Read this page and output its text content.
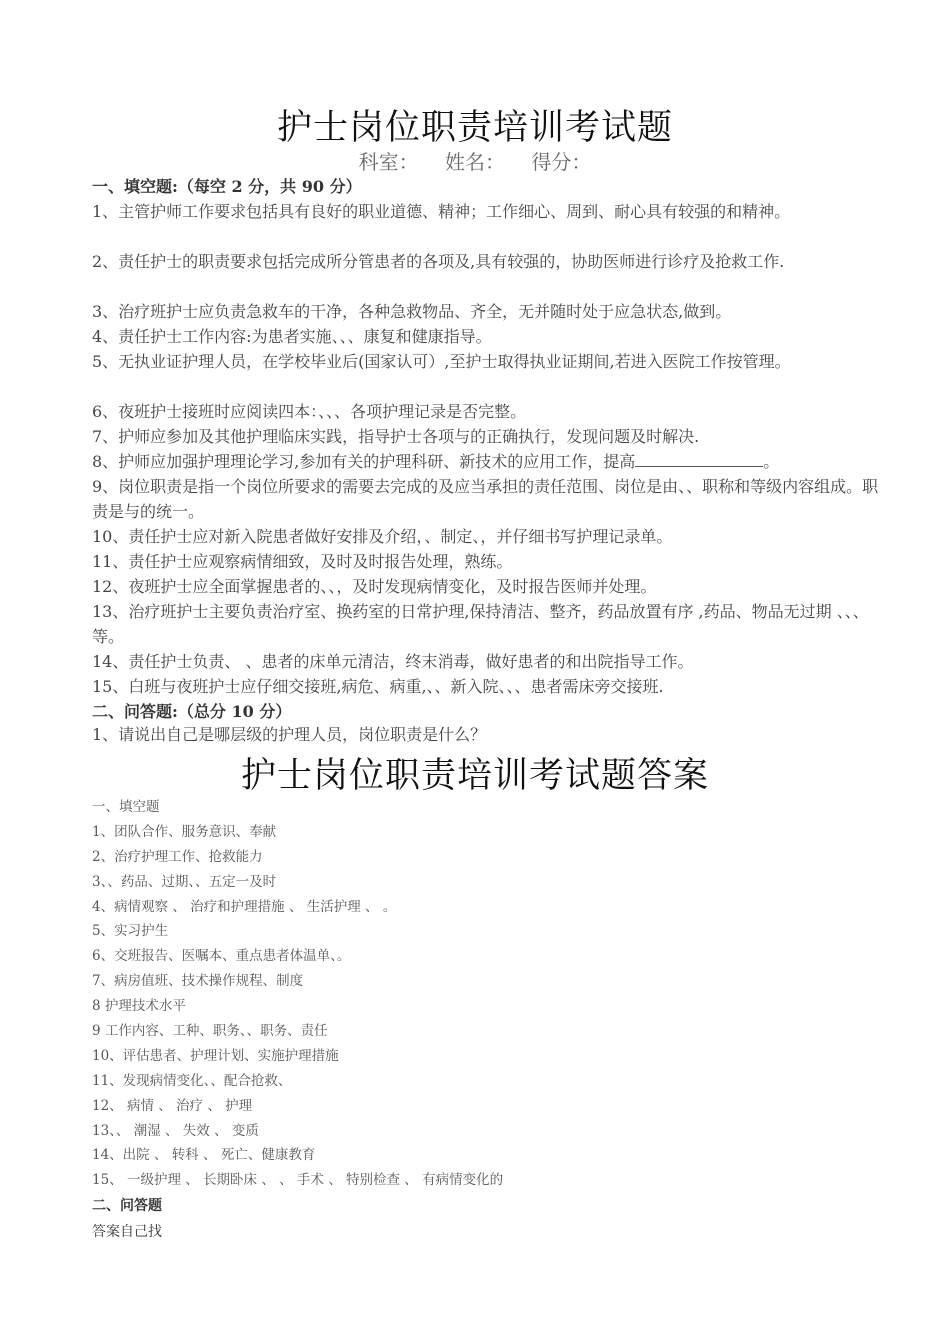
护士岗位职责培训考试题
科室： 姓名： 得分：
一、填空题:（每空 2 分，共 90 分）
1、主管护师工作要求包括具有良好的职业道德、精神；工作细心、周到、耐心具有较强的和精神。
2、责任护士的职责要求包括完成所分管患者的各项及,具有较强的，协助医师进行诊疗及抢救工作.
3、治疗班护士应负责急救车的干净，各种急救物品、齐全，无并随时处于应急状态,做到。
4、责任护士工作内容:为患者实施、、、康复和健康指导。
5、无执业证护理人员，在学校毕业后(国家认可）,至护士取得执业证期间,若进入医院工作按管理。
6、夜班护士接班时应阅读四本：、、、各项护理记录是否完整。
7、护师应参加及其他护理临床实践，指导护士各项与的正确执行，发现问题及时解决.
8、护师应加强护理理论学习,参加有关的护理科研、新技术的应用工作，提高	。
9、岗位职责是指一个岗位所要求的需要去完成的及应当承担的责任范围、岗位是由、、职称和等级内容组成。职责是与的统一。
10、责任护士应对新入院患者做好安排及介绍，、制定、，并仔细书写护理记录单。
11、责任护士应观察病情细致，及时及时报告处理，熟练。
12、夜班护士应全面掌握患者的、、，及时发现病情变化，及时报告医师并处理。
13、治疗班护士主要负责治疗室、换药室的日常护理,保持清洁、整齐，药品放置有序 ,药品、物品无过期 、、、等。
14、责任护士负责、 、患者的床单元清洁，终末消毒，做好患者的和出院指导工作。
15、白班与夜班护士应仔细交接班,病危、病重,、、新入院、、、患者需床旁交接班.
二、问答题:（总分 10 分）
1、请说出自己是哪层级的护理人员，岗位职责是什么？
护士岗位职责培训考试题答案
一、填空题
1、团队合作、服务意识、奉献
2、治疗护理工作、抢救能力
3、、药品、过期、、五定一及时
4、病情观察 、 治疗和护理措施 、 生活护理 、 。
5、实习护生
6、交班报告、医嘱本、重点患者体温单、。
7、病房值班、技术操作规程、制度
8 护理技术水平
9 工作内容、工种、职务、、职务、责任
10、评估患者、护理计划、实施护理措施
11、发现病情变化、、配合抢救、
12、 病情 、 治疗 、 护理
13、、 潮湿 、 失效 、 变质
14、出院 、 转科 、 死亡、健康教育
15、 一级护理 、 长期卧床 、 、 手术 、 特别检查 、 有病情变化的
二、问答题
答案自己找
